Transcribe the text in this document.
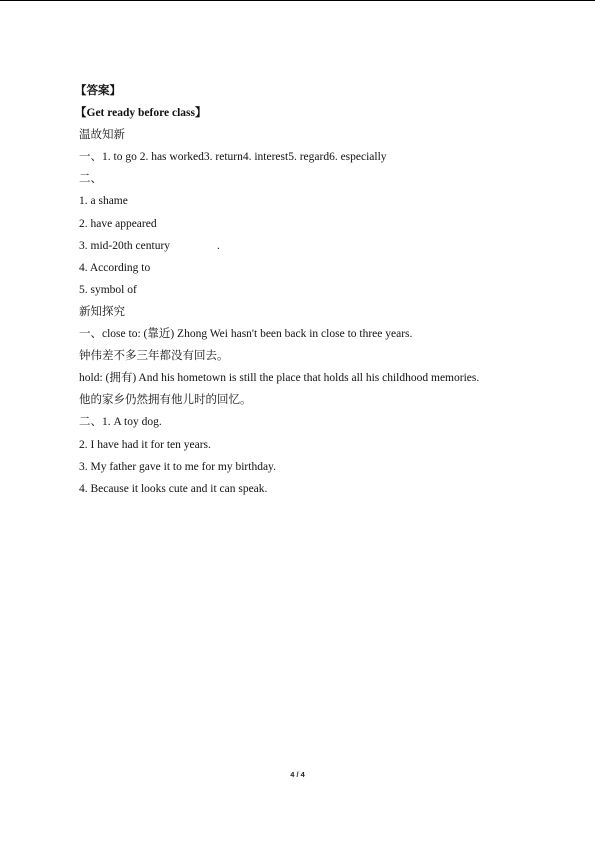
【答案】
【Get ready before class】
温故知新
一、1. to go 2. has worked3. return4. interest5. regard6. especially
二、
1. a shame
2. have appeared
3. mid-20th century	.
4. According to
5. symbol of
新知探究
一、close to: (靠近) Zhong Wei hasn't been back in close to three years.
钟伟差不多三年都没有回去。
hold: (拥有) And his hometown is still the place that holds all his childhood memories.
他的家乡仍然拥有他儿时的回忆。
二、1. A toy dog.
2. I have had it for ten years.
3. My father gave it to me for my birthday.
4. Because it looks cute and it can speak.
4 / 4
